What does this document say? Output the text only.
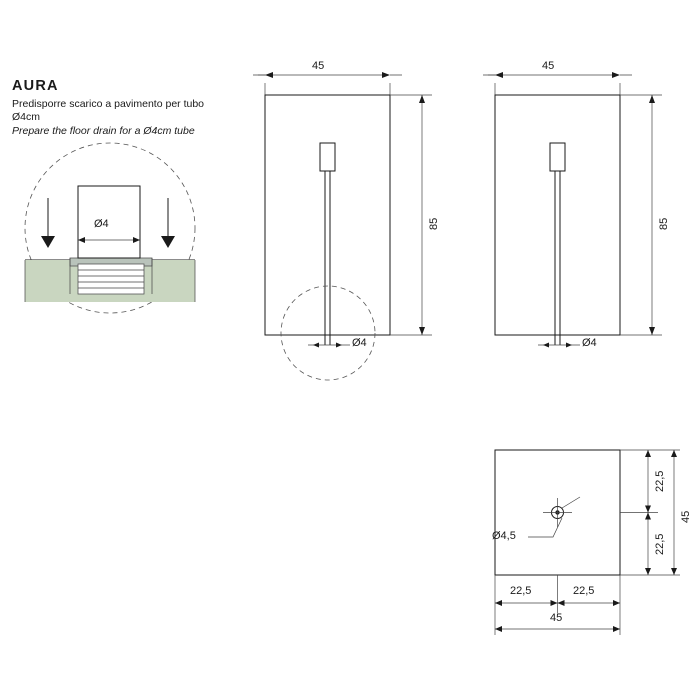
AURA
Predisporre scarico a pavimento per tubo Ø4cm
Prepare the floor drain for a Ø4cm tube
Ø4
45
85
Ø4
45
85
Ø4
Ø4,5
22,5
22,5
45
22,5	22,5
45
